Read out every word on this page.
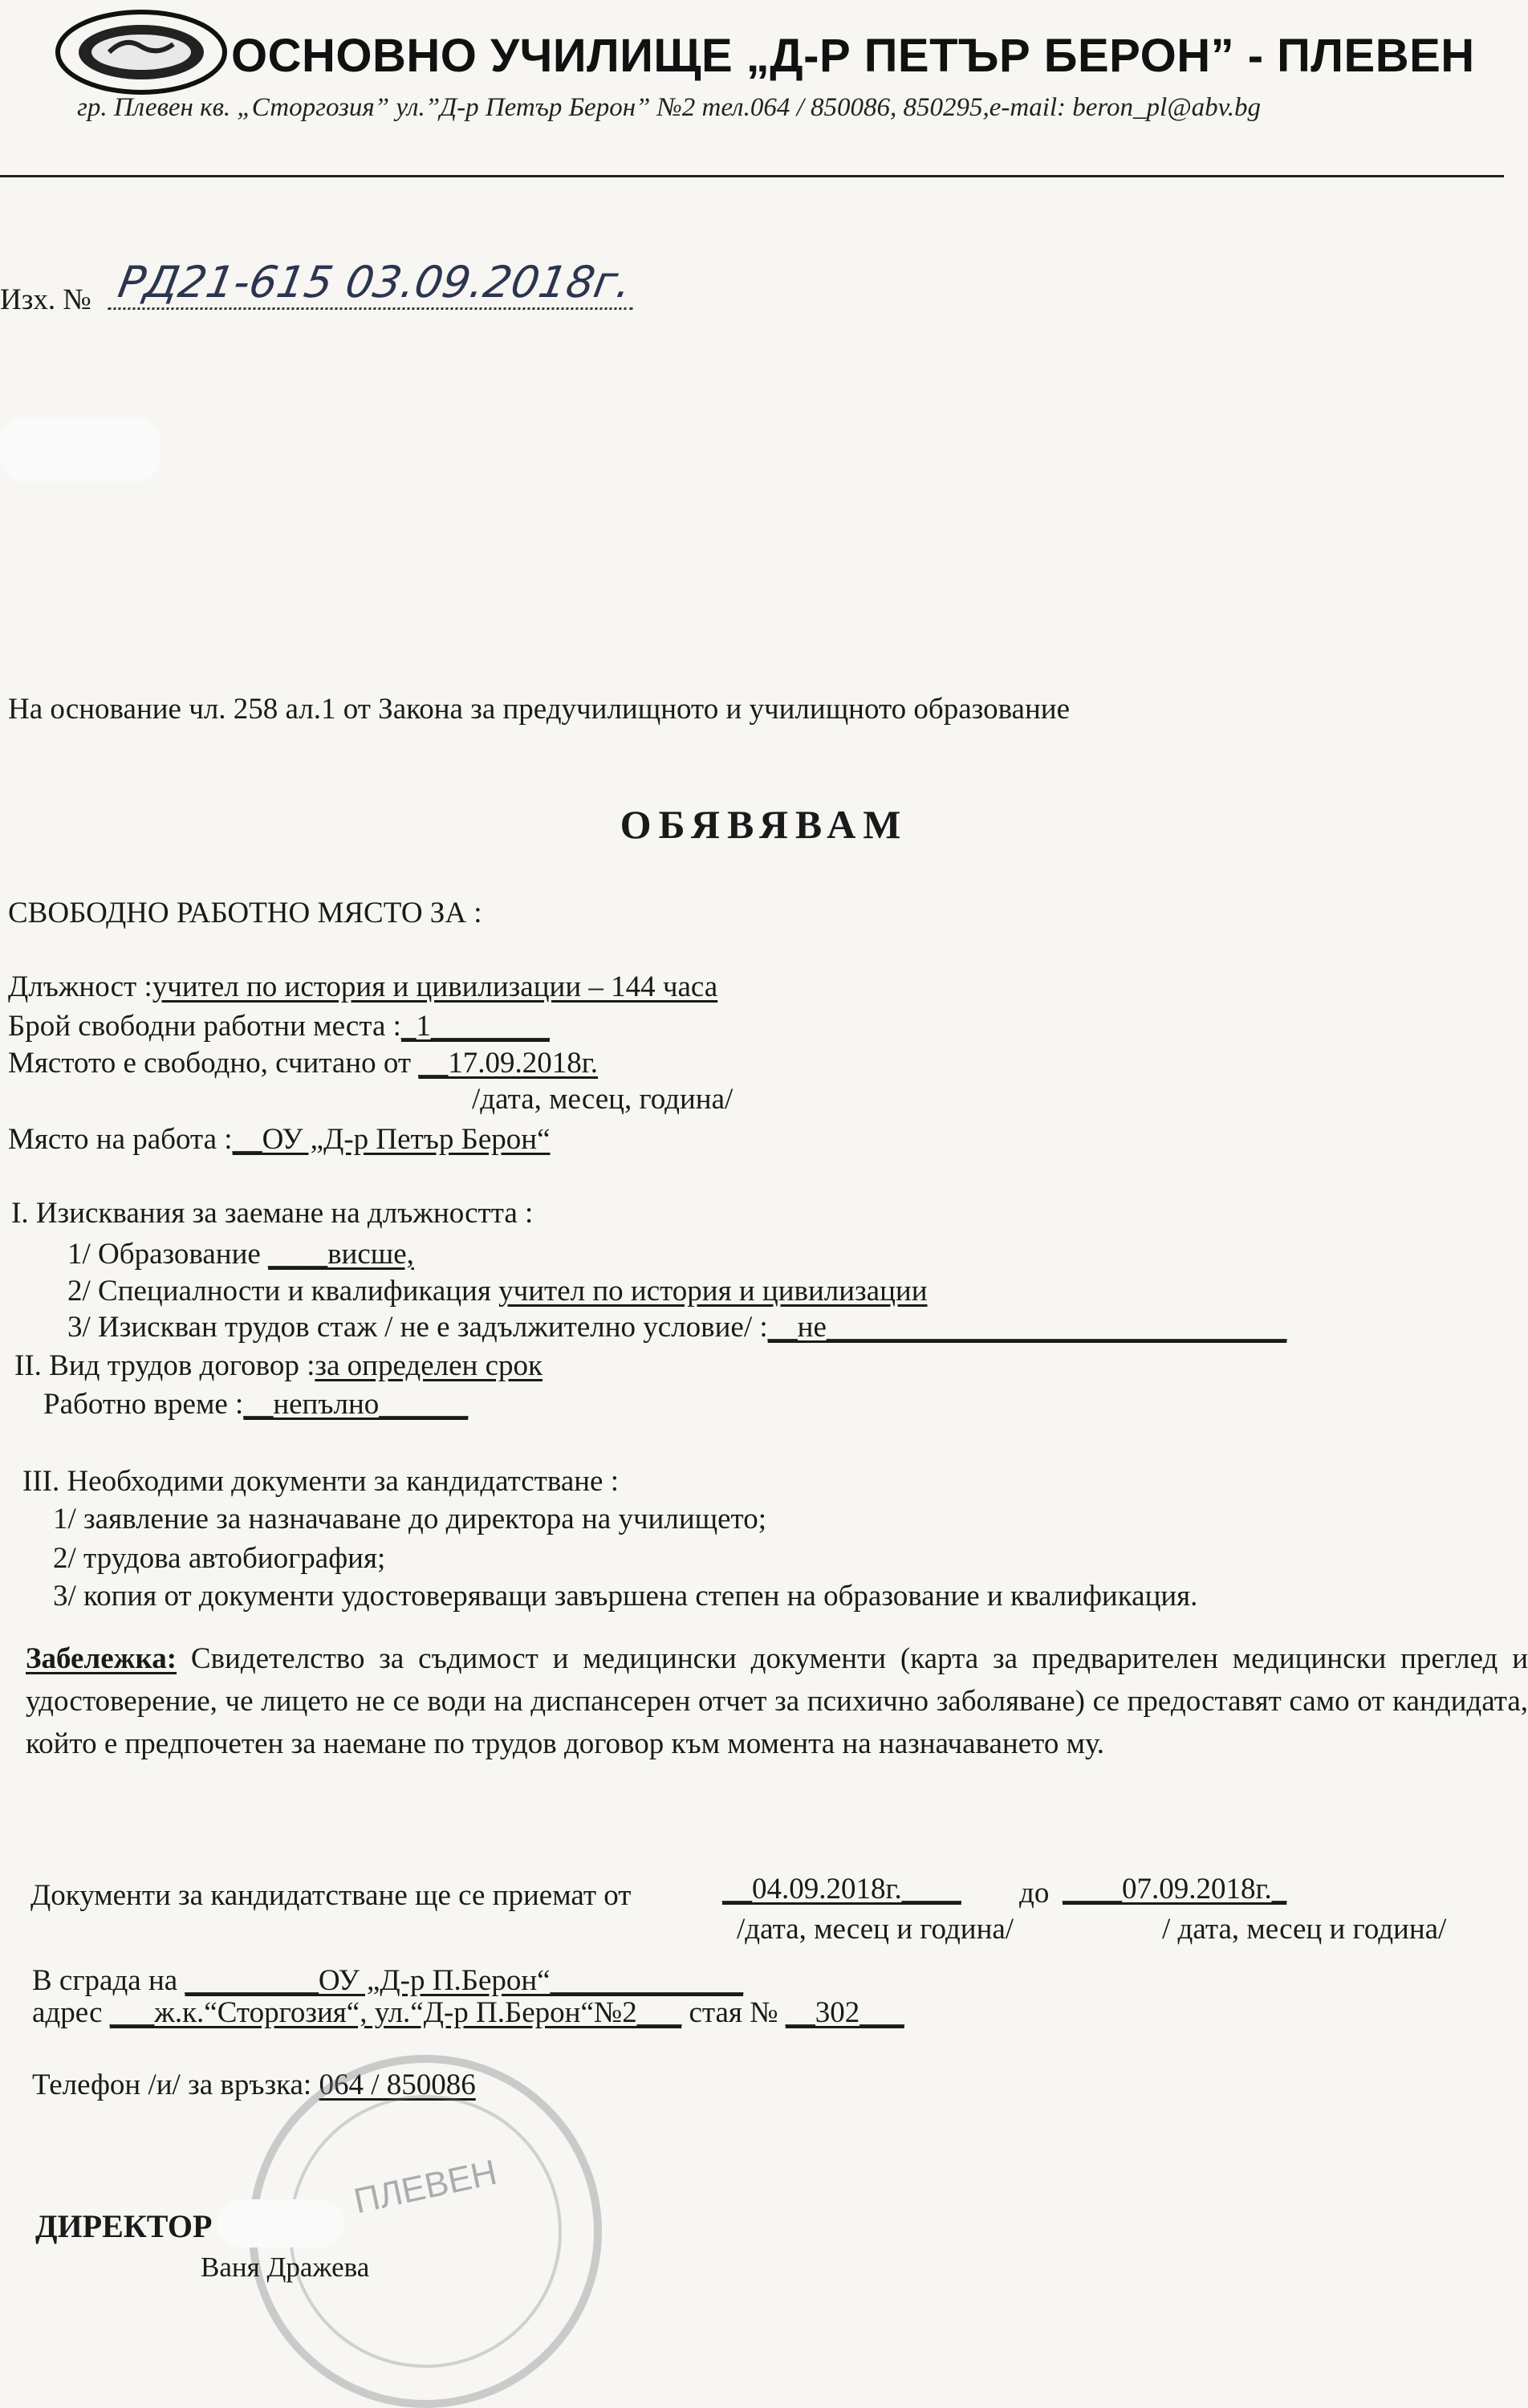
ОСНОВНО УЧИЛИЩЕ „Д-Р ПЕТЪР БЕРОН” - ПЛЕВЕН
гр. Плевен кв. „Сторгозия” ул.”Д-р Петър Берон” №2 тел.064 / 850086, 850295,e-mail: beron_pl@abv.bg
Изх. № РД21-615 03.09.2018г.
На основание чл. 258 ал.1 от Закона за предучилищното и училищното образование
ОБЯВЯВАМ
СВОБОДНО РАБОТНО МЯСТО ЗА :
Длъжност :учител по история и цивилизации – 144 часа
Брой свободни работни места :_1________
Мястото е свободно, считано от __17.09.2018г.
/дата, месец, година/
Място на работа :__ОУ „Д-р Петър Берон“
I. Изисквания за заемане на длъжността :
1/ Образование ____висше,
2/ Специалности и квалификация учител по история и цивилизации
3/ Изискван трудов стаж / не е задължително условие/ :__не_______________________________
II. Вид трудов договор :за определен срок
Работно време :__непълно______
III. Необходими документи за кандидатстване :
1/ заявление за назначаване до директора на училището;
2/ трудова автобиография;
3/ копия от документи удостоверяващи завършена степен на образование и квалификация.
Забележка: Свидетелство за съдимост и медицински документи (карта за предварителен медицински преглед и удостоверение, че лицето не се води на диспансерен отчет за психично заболяване) се предоставят само от кандидата, който е предпочетен за наемане по трудов договор към момента на назначаването му.
Документи за кандидатстване ще се приемат от	__04.09.2018г.____ до ____07.09.2018г._
/дата, месец и година/	/ дата, месец и година/
В сграда на _________ОУ „Д-р П.Берон“_____________
адрес ___ж.к.“Сторгозия“, ул.“Д-р П.Берон“№2___ стая № __302___
Телефон /и/ за връзка: 064 / 850086
ПЛЕВЕН
ДИРЕКТОР
Ваня Дражева
